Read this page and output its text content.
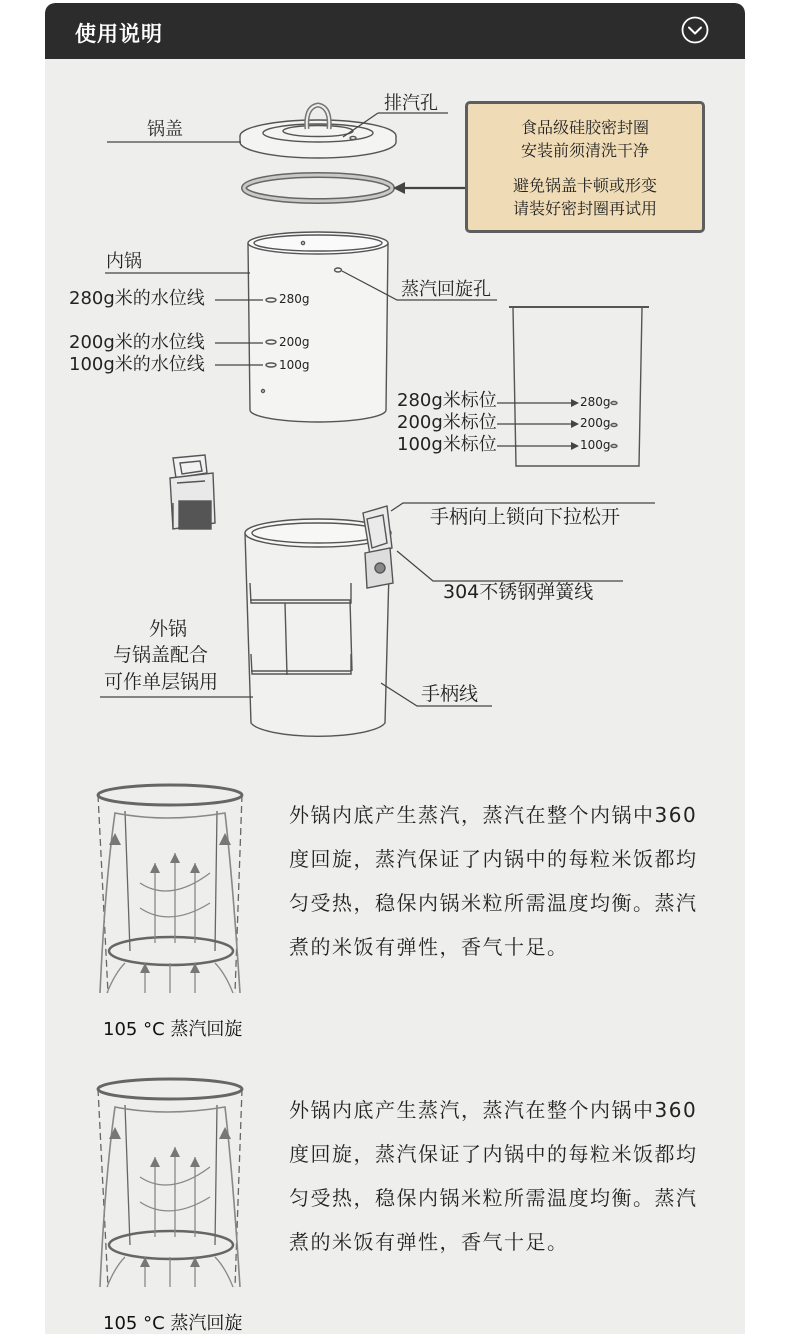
使用说明
锅盖
排汽孔
食品级硅胶密封圈
安装前须清洗干净
避免锅盖卡顿或形变
请装好密封圈再试用
内锅
280g米的水位线
200g米的水位线
100g米的水位线
280g
200g
100g
蒸汽回旋孔
280g米标位
200g米标位
100g米标位
280g
200g
100g
手柄向上锁向下拉松开
304不锈钢弹簧线
外锅
与锅盖配合
可作单层锅用
手柄线
外锅内底产生蒸汽，蒸汽在整个内锅中360度回旋，蒸汽保证了内锅中的每粒米饭都均匀受热，稳保内锅米粒所需温度均衡。蒸汽煮的米饭有弹性，香气十足。
105 °C 蒸汽回旋
外锅内底产生蒸汽，蒸汽在整个内锅中360度回旋，蒸汽保证了内锅中的每粒米饭都均匀受热，稳保内锅米粒所需温度均衡。蒸汽煮的米饭有弹性，香气十足。
105 °C 蒸汽回旋
